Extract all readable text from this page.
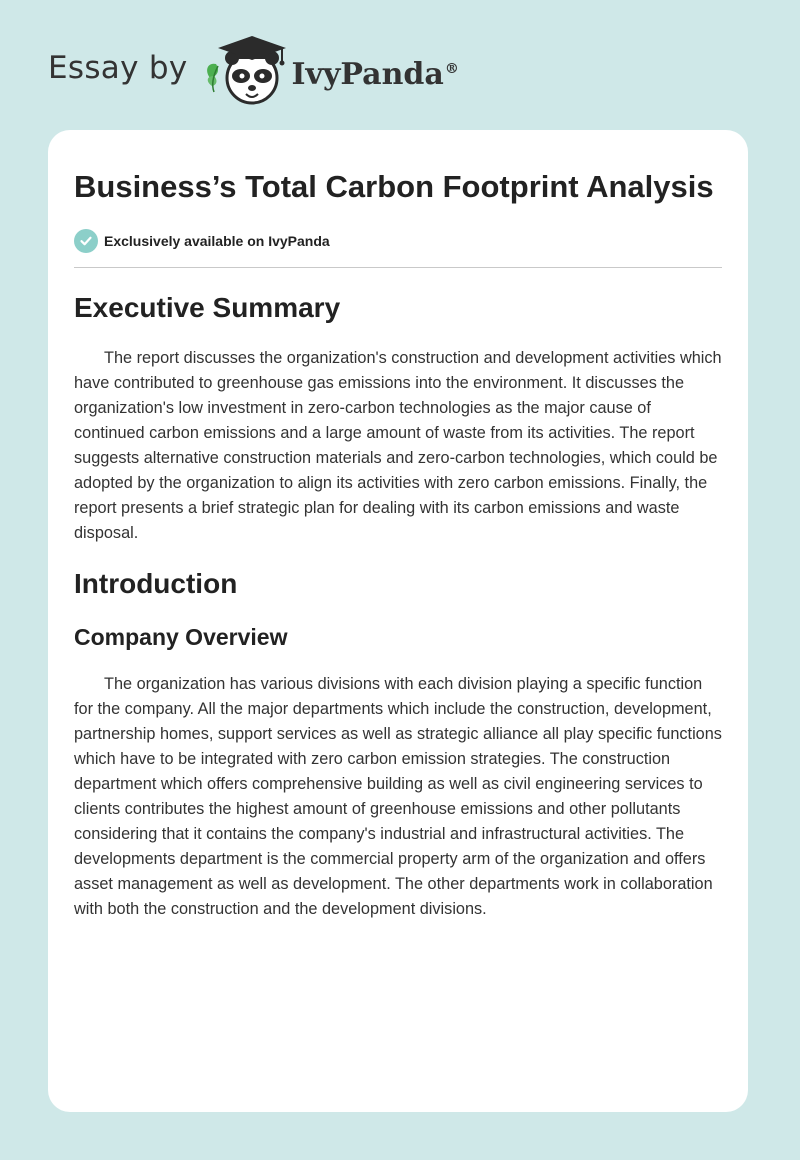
Essay by	IvyPanda®
Business’s Total Carbon Footprint Analysis
Exclusively available on IvyPanda
Executive Summary

The report discusses the organization's construction and development activities which have contributed to greenhouse gas emissions into the environment. It discusses the organization's low investment in zero-carbon technologies as the major cause of continued carbon emissions and a large amount of waste from its activities. The report suggests alternative construction materials and zero-carbon technologies, which could be adopted by the organization to align its activities with zero carbon emissions. Finally, the report presents a brief strategic plan for dealing with its carbon emissions and waste disposal.

Introduction
Company Overview

The organization has various divisions with each division playing a specific function for the company. All the major departments which include the construction, development, partnership homes, support services as well as strategic alliance all play specific functions which have to be integrated with zero carbon emission strategies. The construction department which offers comprehensive building as well as civil engineering services to clients contributes the highest amount of greenhouse emissions and other pollutants considering that it contains the company's industrial and infrastructural activities. The developments department is the commercial property arm of the organization and offers asset management as well as development. The other departments work in collaboration with both the construction and the development divisions.
